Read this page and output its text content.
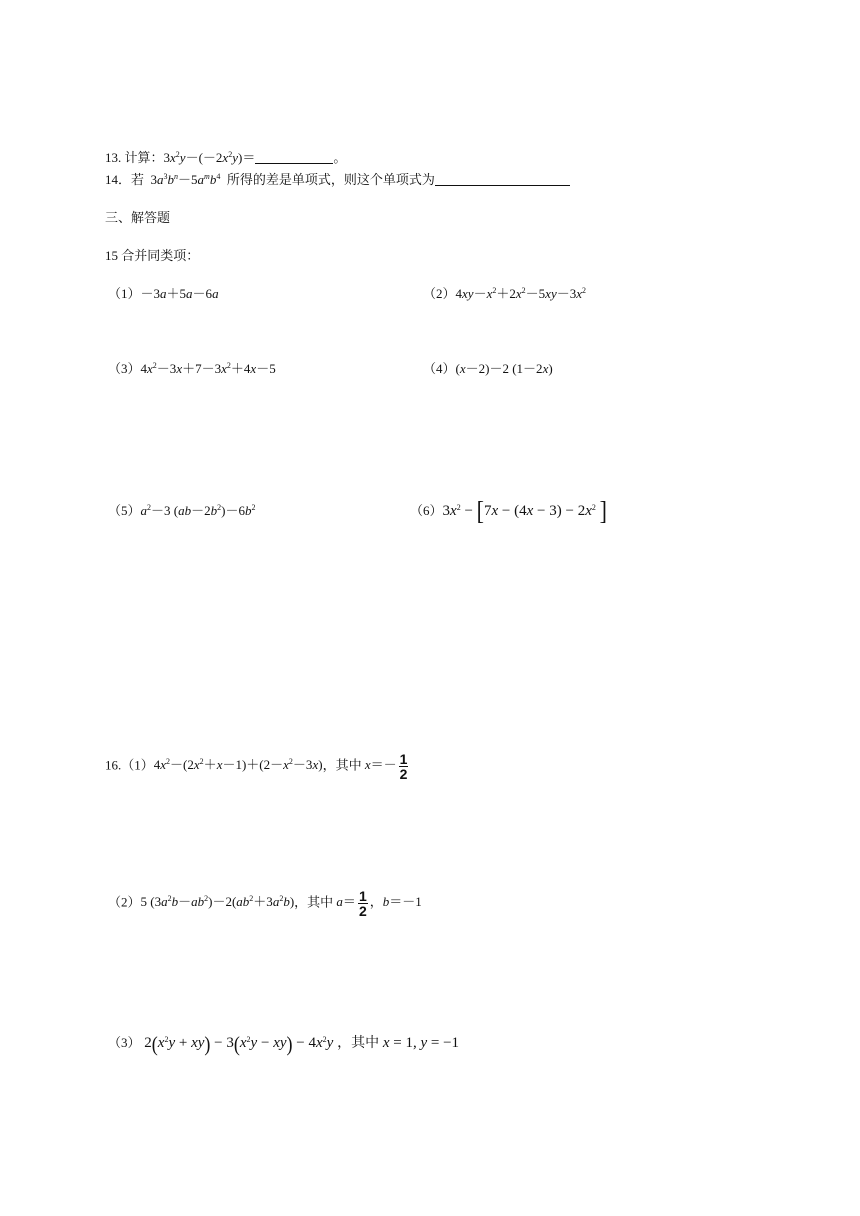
13. 计算：$3x^2y-(-2x^2y)=$	。
14．若 $3a^3b^n-5a^mb^4$ 所得的差是单项式，则这个单项式为
三、解答题
15 合并同类项：
（1）－3a＋5a－6a	$(2)4xy-x^2+2x^2-5xy-3x^2$
$(3)4x^2-3x+7-3x^2+4x-5$	（4）(x－2)－2 (1－2x)
$(5)a^2-3$ $(ab-2b^2)-6b^2$	$(6)3x^2 - [7x - (4x - 3) - 2x^2$ ]
$16.(1)4x^2-(2x^2+x-1)+(2-x^2-3x)$，其中 $x=- \frac{1}{2}$
（2）5 $(3a^2b-ab^2)-2(ab^2+3a^2b)$，其中 $a= \frac{1}{2}$ ，b＝－1
（3） $2(x^2y + xy) - 3(x^2y - xy) - 4x^2y$ ，其中 x = 1, y = −1
